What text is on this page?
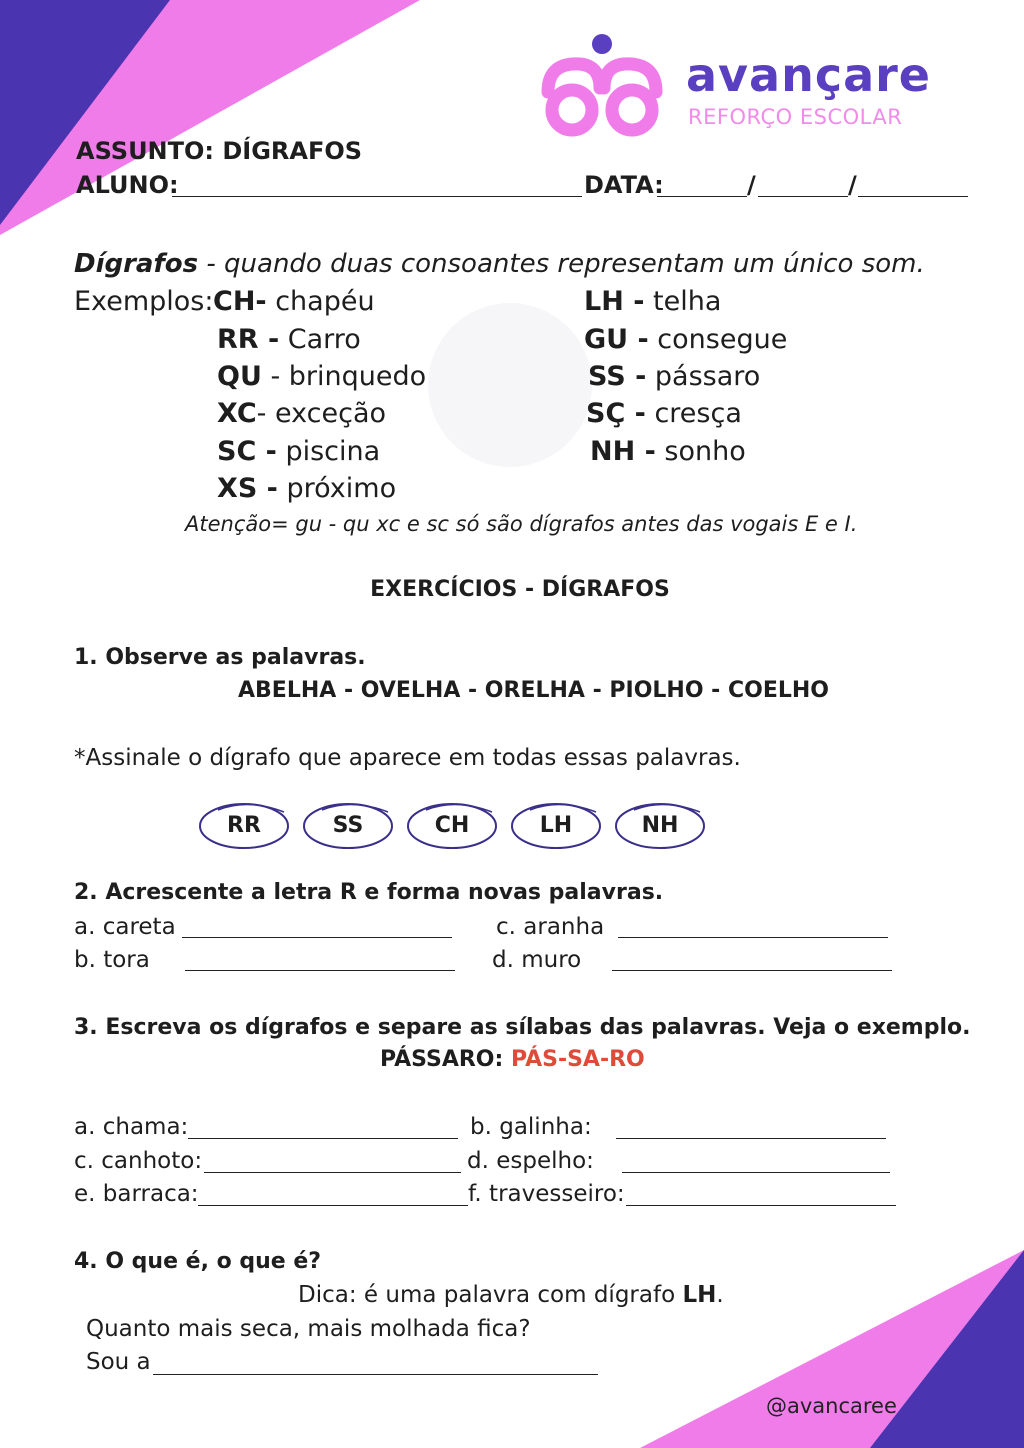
avançare
REFORÇO ESCOLAR
ASSUNTO: DÍGRAFOS
ALUNO:	DATA:	/	/
Dígrafos - quando duas consoantes representam um único som.
Exemplos: CH- chapéu
RR - Carro
QU - brinquedo
XC- exceção
SC - piscina
XS - próximo
LH - telha
GU - consegue
SS - pássaro
SÇ - cresça
NH - sonho
Atenção= gu - qu xc e sc só são dígrafos antes das vogais E e I.
EXERCÍCIOS - DÍGRAFOS
1. Observe as palavras.
ABELHA - OVELHA - ORELHA - PIOLHO - COELHO
*Assinale o dígrafo que aparece em todas essas palavras.
RR	SS	CH	LH	NH
2. Acrescente a letra R e forma novas palavras.
a. careta
b. tora
c. aranha
d. muro
3. Escreva os dígrafos e separe as sílabas das palavras. Veja o exemplo.
PÁSSARO: PÁS-SA-RO
a. chama:	b. galinha:
c. canhoto:	d. espelho:
e. barraca:	f. travesseiro:
4. O que é, o que é?
Dica: é uma palavra com dígrafo LH.
Quanto mais seca, mais molhada fica?
Sou a
@avancaree
